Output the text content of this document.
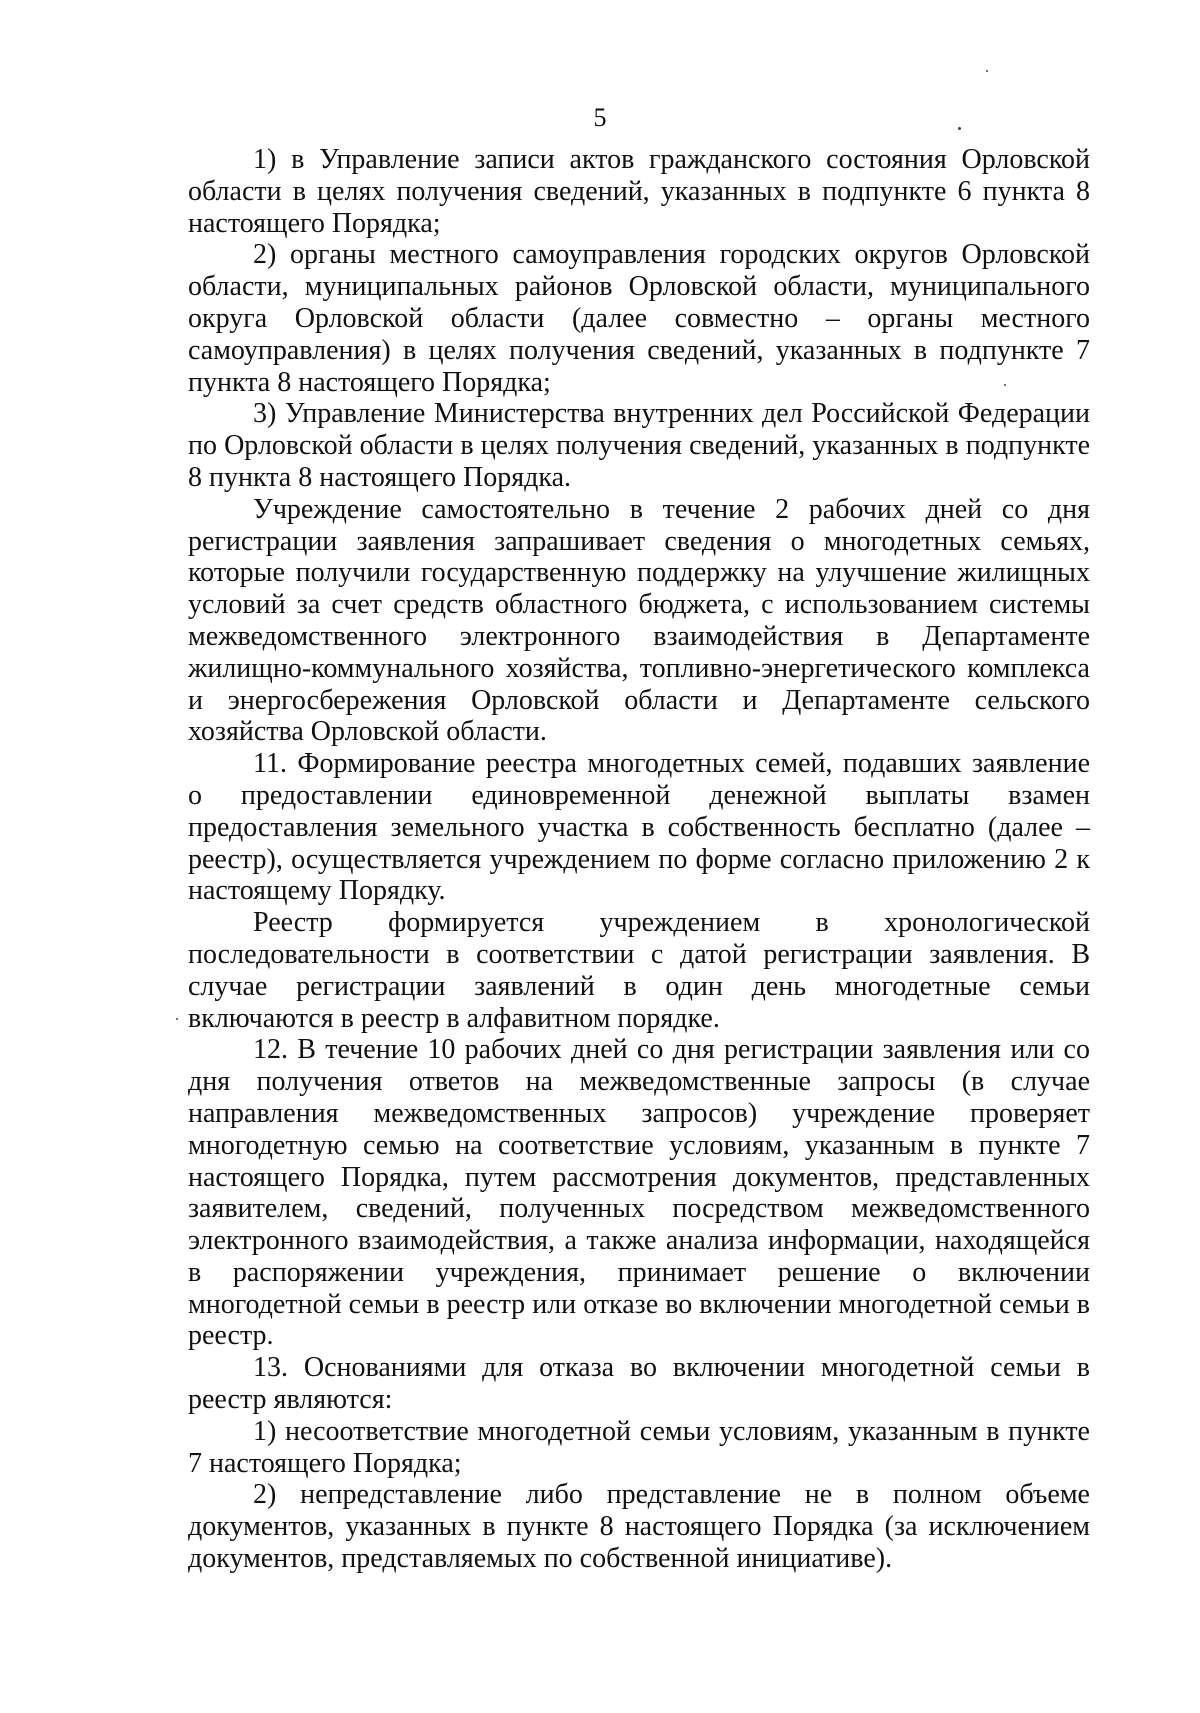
5

1) в Управление записи актов гражданского состояния Орловской области в целях получения сведений, указанных в подпункте 6 пункта 8 настоящего Порядка;

2) органы местного самоуправления городских округов Орловской области, муниципальных районов Орловской области, муниципального округа Орловской области (далее совместно – органы местного самоуправления) в целях получения сведений, указанных в подпункте 7 пункта 8 настоящего Порядка;

3) Управление Министерства внутренних дел Российской Федерации по Орловской области в целях получения сведений, указанных в подпункте 8 пункта 8 настоящего Порядка.

Учреждение самостоятельно в течение 2 рабочих дней со дня регистрации заявления запрашивает сведения о многодетных семьях, которые получили государственную поддержку на улучшение жилищных условий за счет средств областного бюджета, с использованием системы межведомственного электронного взаимодействия в Департаменте жилищно-коммунального хозяйства, топливно-энергетического комплекса и энергосбережения Орловской области и Департаменте сельского хозяйства Орловской области.

11. Формирование реестра многодетных семей, подавших заявление о предоставлении единовременной денежной выплаты взамен предоставления земельного участка в собственность бесплатно (далее – реестр), осуществляется учреждением по форме согласно приложению 2 к настоящему Порядку.

Реестр формируется учреждением в хронологической последовательности в соответствии с датой регистрации заявления. В случае регистрации заявлений в один день многодетные семьи включаются в реестр в алфавитном порядке.

12. В течение 10 рабочих дней со дня регистрации заявления или со дня получения ответов на межведомственные запросы (в случае направления межведомственных запросов) учреждение проверяет многодетную семью на соответствие условиям, указанным в пункте 7 настоящего Порядка, путем рассмотрения документов, представленных заявителем, сведений, полученных посредством межведомственного электронного взаимодействия, а также анализа информации, находящейся в распоряжении учреждения, принимает решение о включении многодетной семьи в реестр или отказе во включении многодетной семьи в реестр.

13. Основаниями для отказа во включении многодетной семьи в реестр являются:

1) несоответствие многодетной семьи условиям, указанным в пункте 7 настоящего Порядка;

2) непредставление либо представление не в полном объеме документов, указанных в пункте 8 настоящего Порядка (за исключением документов, представляемых по собственной инициативе).
